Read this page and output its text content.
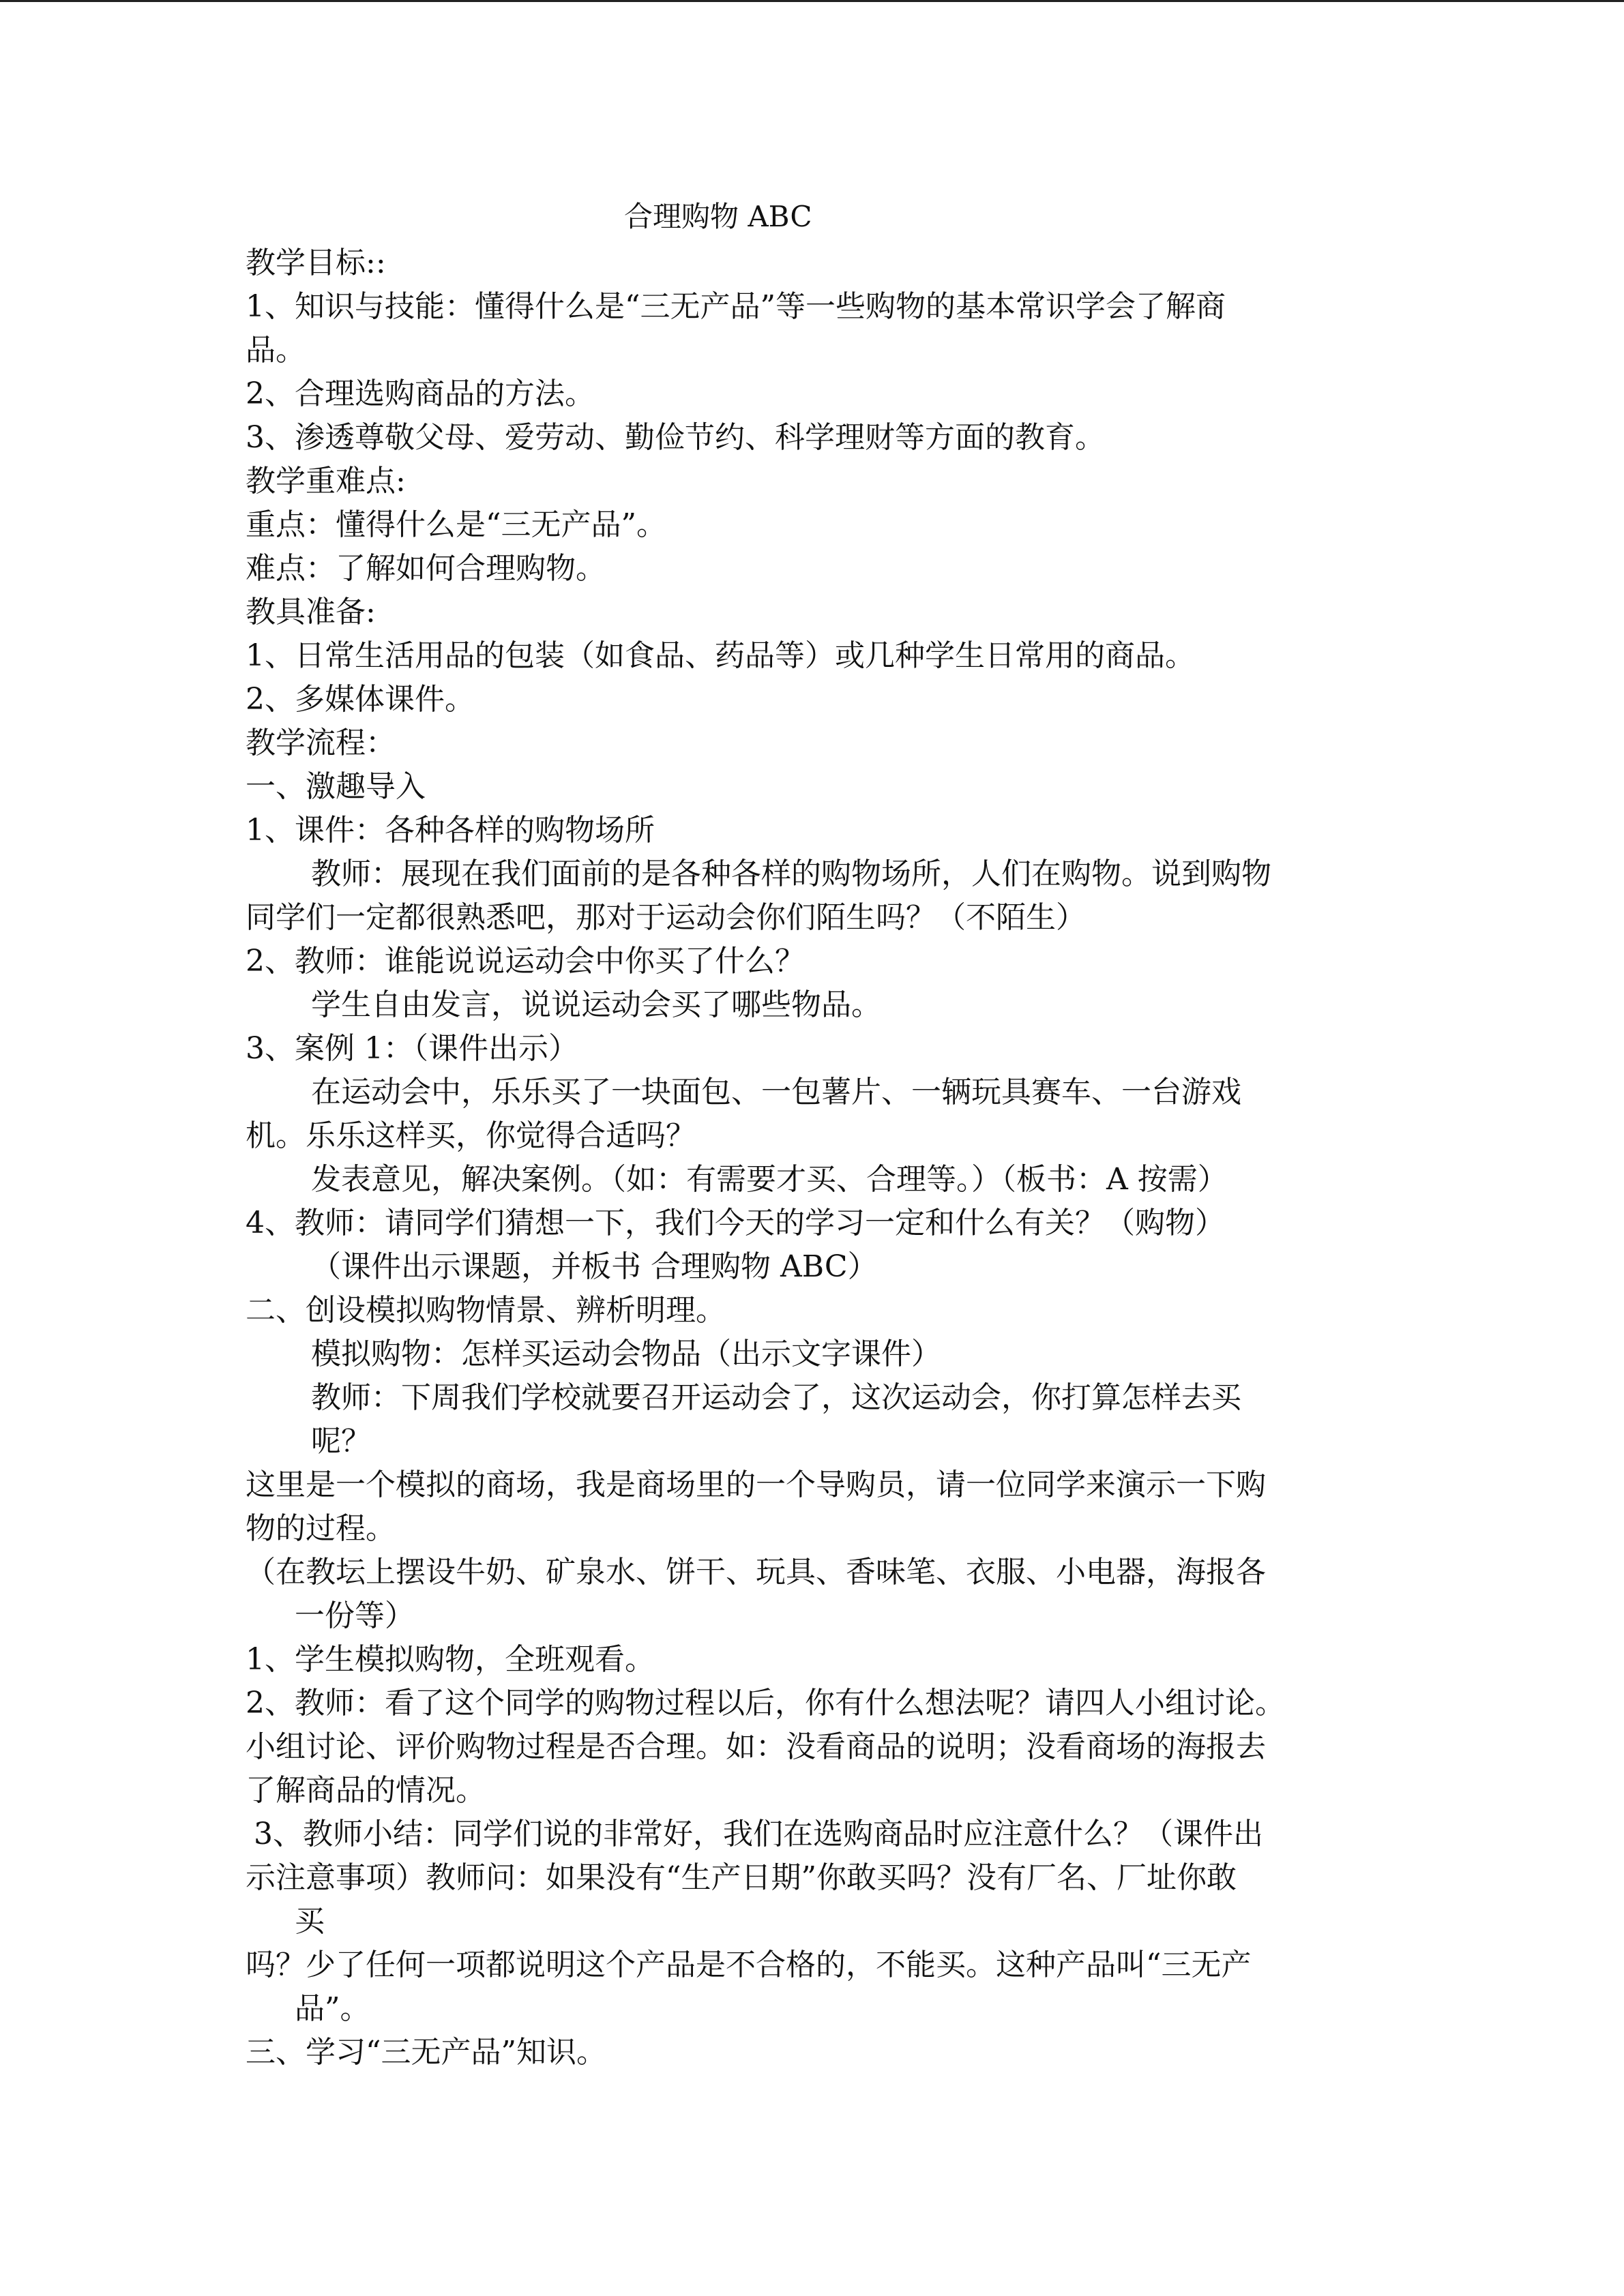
合理购物 ABC
教学目标::
1、知识与技能：懂得什么是“三无产品”等一些购物的基本常识学会了解商
品。
2、合理选购商品的方法。
3、渗透尊敬父母、爱劳动、勤俭节约、科学理财等方面的教育。
教学重难点:
重点：懂得什么是“三无产品”。
难点：了解如何合理购物。
教具准备:
1、日常生活用品的包装（如食品、药品等）或几种学生日常用的商品。
2、多媒体课件。
教学流程：
一、激趣导入
1、课件：各种各样的购物场所
教师：展现在我们面前的是各种各样的购物场所，人们在购物。说到购物
同学们一定都很熟悉吧，那对于运动会你们陌生吗？（不陌生）
2、教师：谁能说说运动会中你买了什么？
学生自由发言，说说运动会买了哪些物品。
3、案例 1：（课件出示）
在运动会中，乐乐买了一块面包、一包薯片、一辆玩具赛车、一台游戏
机。乐乐这样买，你觉得合适吗？
发表意见，解决案例。（如：有需要才买、合理等。）（板书：A 按需）
4、教师：请同学们猜想一下，我们今天的学习一定和什么有关？（购物）
（课件出示课题，并板书 合理购物 ABC）
二、创设模拟购物情景、辨析明理。
模拟购物：怎样买运动会物品（出示文字课件）
教师：下周我们学校就要召开运动会了，这次运动会，你打算怎样去买
呢？
这里是一个模拟的商场，我是商场里的一个导购员，请一位同学来演示一下购
物的过程。
（在教坛上摆设牛奶、矿泉水、饼干、玩具、香味笔、衣服、小电器，海报各
一份等）
1、学生模拟购物，全班观看。
2、教师：看了这个同学的购物过程以后，你有什么想法呢？请四人小组讨论。
小组讨论、评价购物过程是否合理。如：没看商品的说明；没看商场的海报去
了解商品的情况。
3、教师小结：同学们说的非常好，我们在选购商品时应注意什么？（课件出
示注意事项）教师问：如果没有“生产日期”你敢买吗？没有厂名、厂址你敢
买
吗？少了任何一项都说明这个产品是不合格的，不能买。这种产品叫“三无产
品”。
三、学习“三无产品”知识。
